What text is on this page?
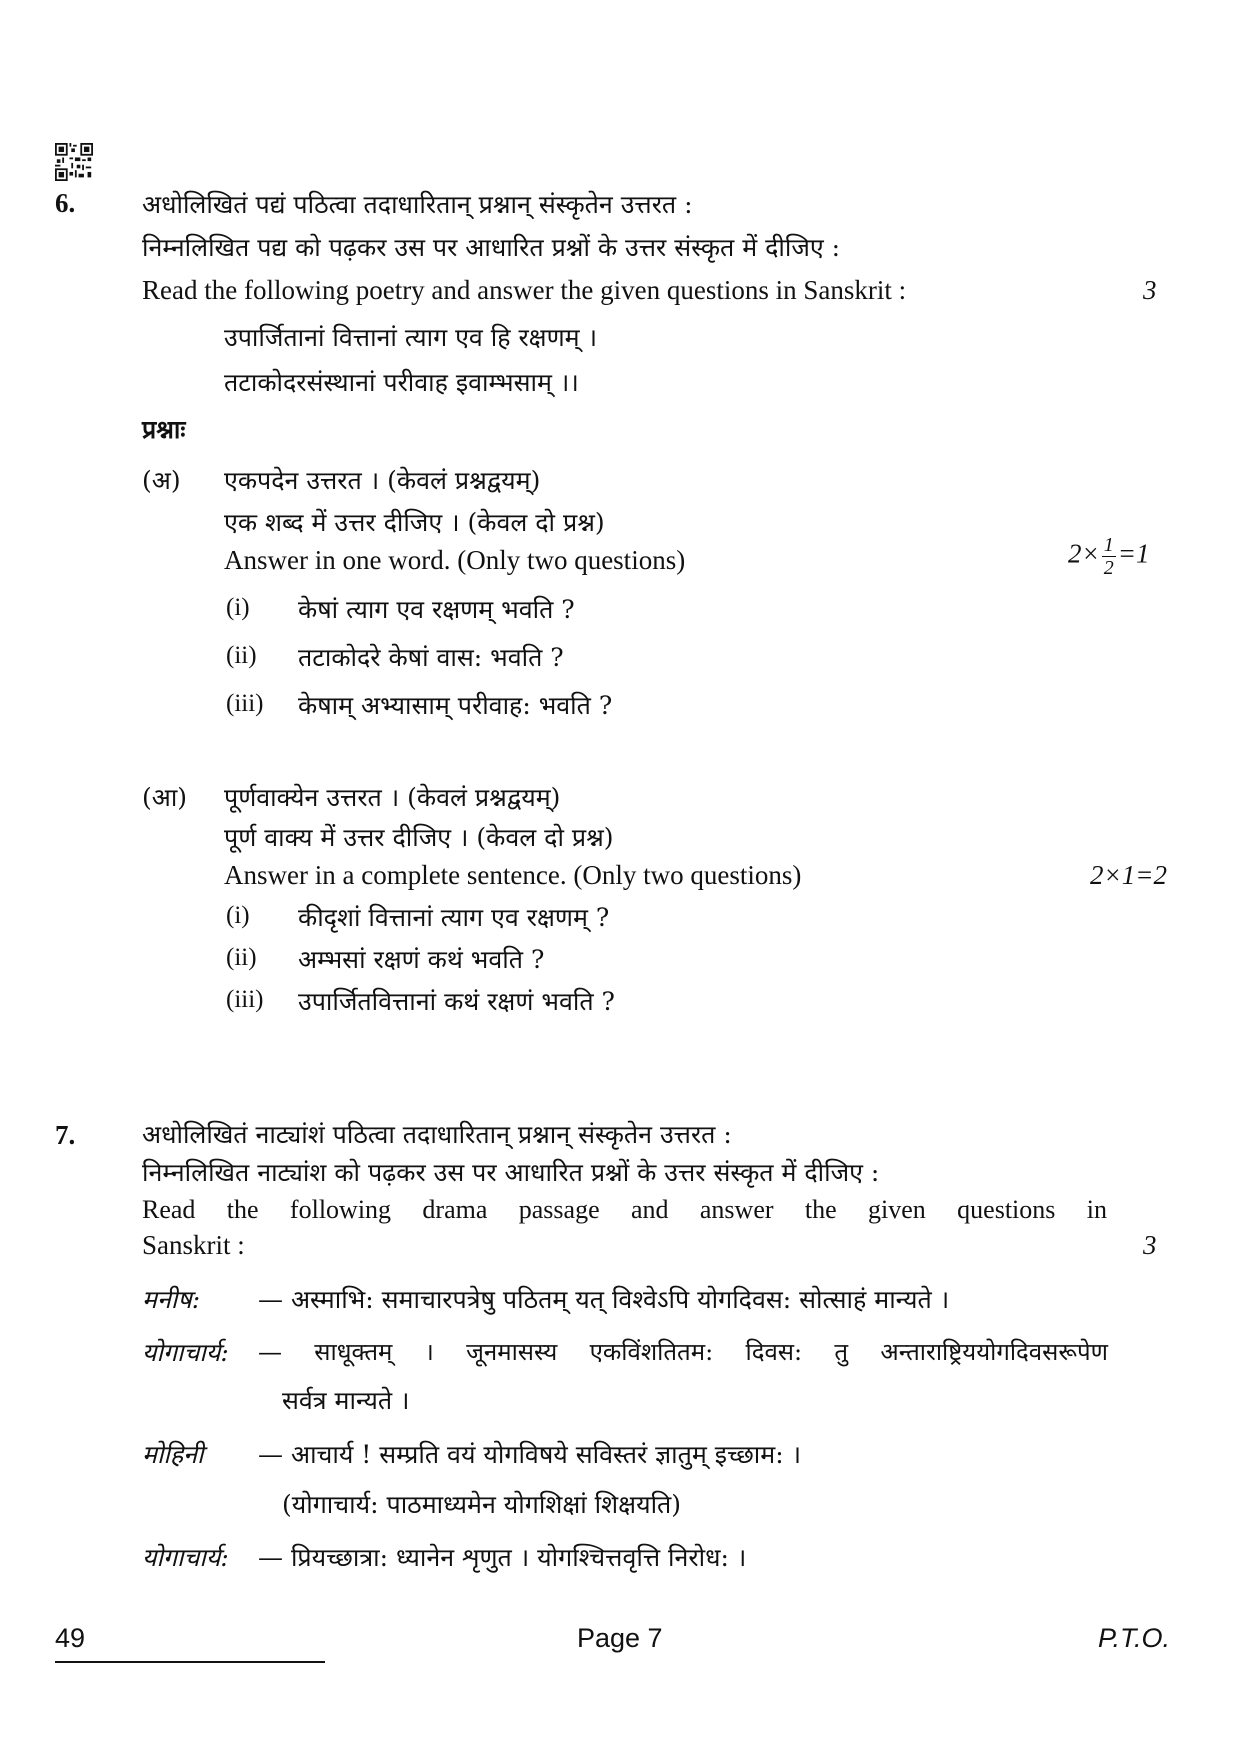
6.	अधोलिखितं पद्यं पठित्वा तदाधारितान् प्रश्नान् संस्कृतेन उत्तरत :
निम्नलिखित पद्य को पढ़कर उस पर आधारित प्रश्नों के उत्तर संस्कृत में दीजिए :
Read the following poetry and answer the given questions in Sanskrit :	3
उपार्जितानां वित्तानां त्याग एव हि रक्षणम् ।
तटाकोदरसंस्थानां परीवाह इवाम्भसाम् ।।
प्रश्नाः
(अ) एकपदेन उत्तरत । (केवलं प्रश्नद्वयम्)
एक शब्द में उत्तर दीजिए । (केवल दो प्रश्न)
Answer in one word. (Only two questions)	$2\times \frac{1}{2} =1$
(i) केषां त्याग एव रक्षणम् भवति ?
(ii) तटाकोदरे केषां वास: भवति ?
(iii) केषाम् अभ्यासाम् परीवाह: भवति ?
(आ) पूर्णवाक्येन उत्तरत । (केवलं प्रश्नद्वयम्)
पूर्ण वाक्य में उत्तर दीजिए । (केवल दो प्रश्न)
Answer in a complete sentence. (Only two questions)	2×1=2
(i) कीदृशां वित्तानां त्याग एव रक्षणम् ?
(ii) अम्भसां रक्षणं कथं भवति ?
(iii) उपार्जितवित्तानां कथं रक्षणं भवति ?
7.	अधोलिखितं नाट्यांशं पठित्वा तदाधारितान् प्रश्नान् संस्कृतेन उत्तरत :
निम्नलिखित नाट्यांश को पढ़कर उस पर आधारित प्रश्नों के उत्तर संस्कृत में दीजिए :
Read the following drama passage and answer the given questions in
Sanskrit :	3
मनीष: — अस्माभि: समाचारपत्रेषु पठितम् यत् विश्वेऽपि योगदिवस: सोत्साहं मान्यते ।
योगाचार्य: — साधूक्तम् । जूनमासस्य एकविंशतितम: दिवस: तु अन्ताराष्ट्रिययोगदिवसरूपेण
सर्वत्र मान्यते ।
मोहिनी — आचार्य ! सम्प्रति वयं योगविषये सविस्तरं ज्ञातुम् इच्छाम: ।
(योगाचार्य: पाठमाध्यमेन योगशिक्षां शिक्षयति)
योगाचार्य: — प्रियच्छात्रा: ध्यानेन शृणुत । योगश्चित्तवृत्ति निरोध: ।
49	Page 7	P.T.O.
